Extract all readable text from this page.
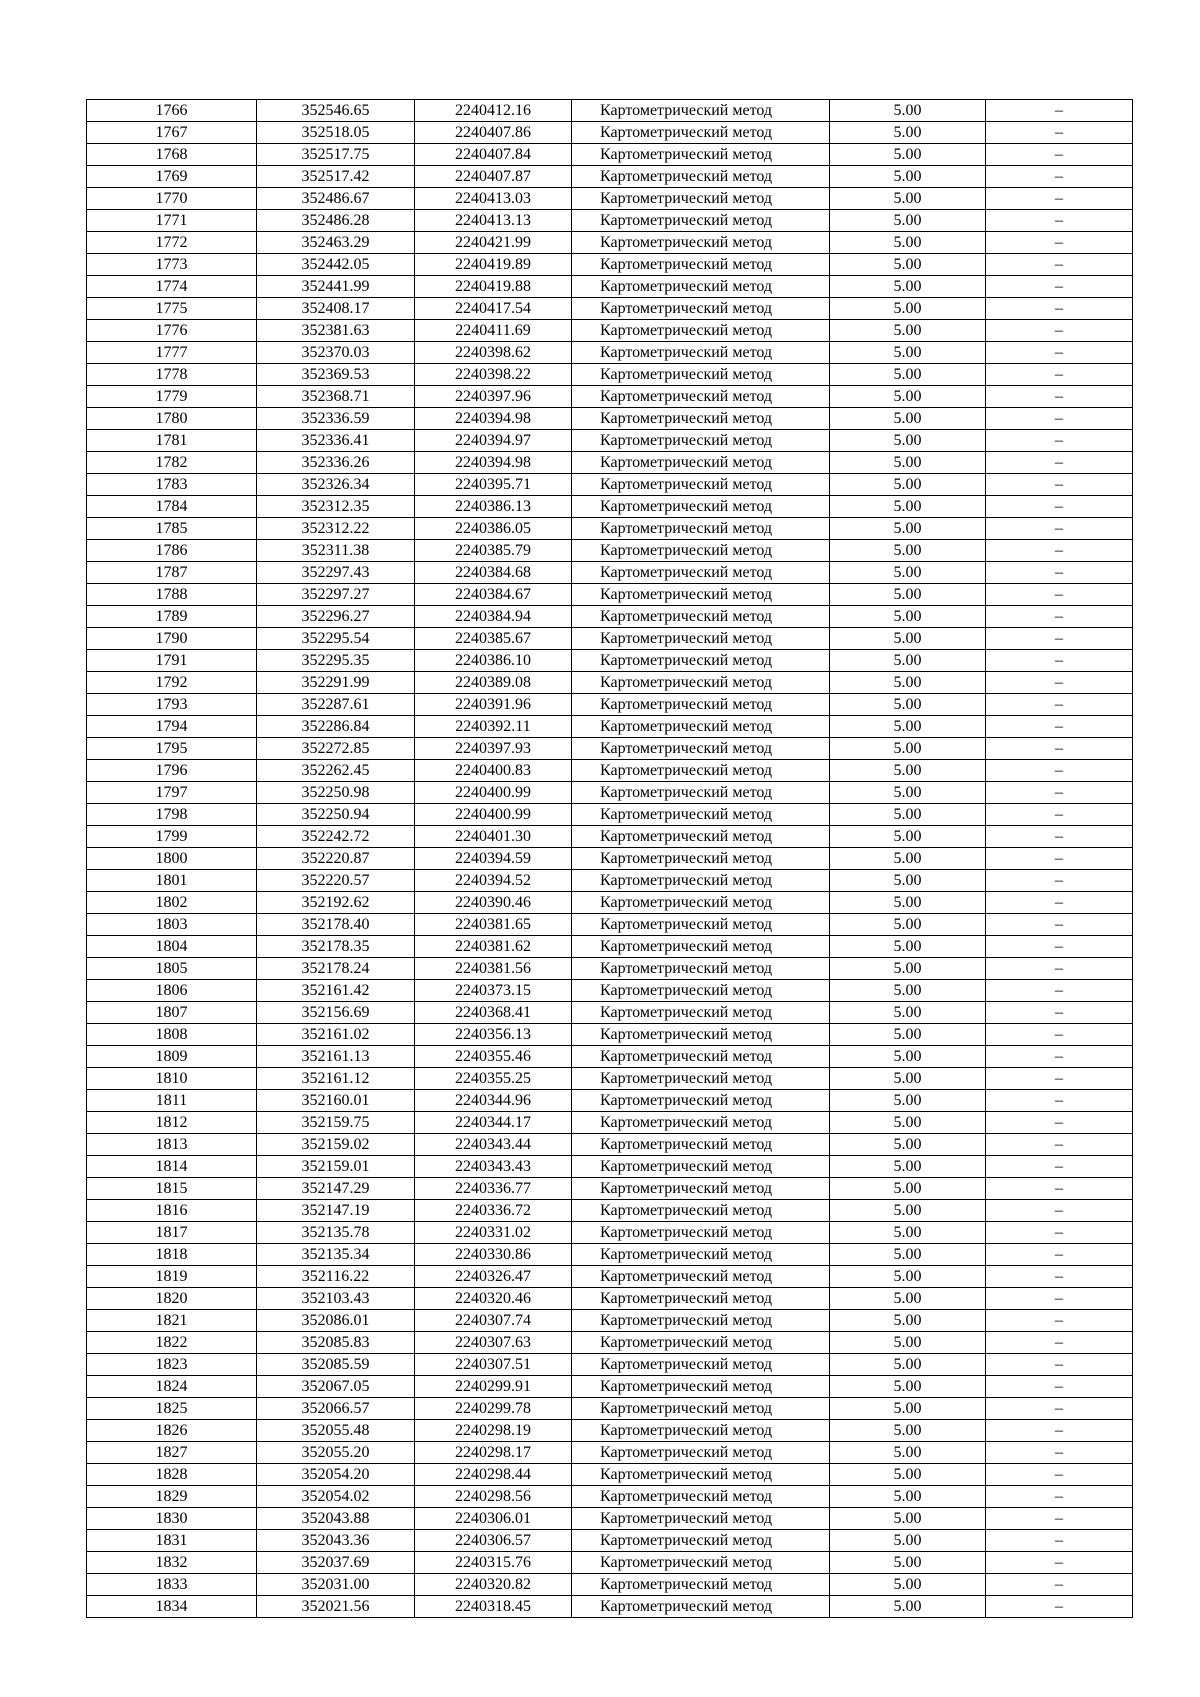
1766	352546.65	2240412.16	Картометрический метод	5.00	–
1767	352518.05	2240407.86	Картометрический метод	5.00	–
1768	352517.75	2240407.84	Картометрический метод	5.00	–
1769	352517.42	2240407.87	Картометрический метод	5.00	–
1770	352486.67	2240413.03	Картометрический метод	5.00	–
1771	352486.28	2240413.13	Картометрический метод	5.00	–
1772	352463.29	2240421.99	Картометрический метод	5.00	–
1773	352442.05	2240419.89	Картометрический метод	5.00	–
1774	352441.99	2240419.88	Картометрический метод	5.00	–
1775	352408.17	2240417.54	Картометрический метод	5.00	–
1776	352381.63	2240411.69	Картометрический метод	5.00	–
1777	352370.03	2240398.62	Картометрический метод	5.00	–
1778	352369.53	2240398.22	Картометрический метод	5.00	–
1779	352368.71	2240397.96	Картометрический метод	5.00	–
1780	352336.59	2240394.98	Картометрический метод	5.00	–
1781	352336.41	2240394.97	Картометрический метод	5.00	–
1782	352336.26	2240394.98	Картометрический метод	5.00	–
1783	352326.34	2240395.71	Картометрический метод	5.00	–
1784	352312.35	2240386.13	Картометрический метод	5.00	–
1785	352312.22	2240386.05	Картометрический метод	5.00	–
1786	352311.38	2240385.79	Картометрический метод	5.00	–
1787	352297.43	2240384.68	Картометрический метод	5.00	–
1788	352297.27	2240384.67	Картометрический метод	5.00	–
1789	352296.27	2240384.94	Картометрический метод	5.00	–
1790	352295.54	2240385.67	Картометрический метод	5.00	–
1791	352295.35	2240386.10	Картометрический метод	5.00	–
1792	352291.99	2240389.08	Картометрический метод	5.00	–
1793	352287.61	2240391.96	Картометрический метод	5.00	–
1794	352286.84	2240392.11	Картометрический метод	5.00	–
1795	352272.85	2240397.93	Картометрический метод	5.00	–
1796	352262.45	2240400.83	Картометрический метод	5.00	–
1797	352250.98	2240400.99	Картометрический метод	5.00	–
1798	352250.94	2240400.99	Картометрический метод	5.00	–
1799	352242.72	2240401.30	Картометрический метод	5.00	–
1800	352220.87	2240394.59	Картометрический метод	5.00	–
1801	352220.57	2240394.52	Картометрический метод	5.00	–
1802	352192.62	2240390.46	Картометрический метод	5.00	–
1803	352178.40	2240381.65	Картометрический метод	5.00	–
1804	352178.35	2240381.62	Картометрический метод	5.00	–
1805	352178.24	2240381.56	Картометрический метод	5.00	–
1806	352161.42	2240373.15	Картометрический метод	5.00	–
1807	352156.69	2240368.41	Картометрический метод	5.00	–
1808	352161.02	2240356.13	Картометрический метод	5.00	–
1809	352161.13	2240355.46	Картометрический метод	5.00	–
1810	352161.12	2240355.25	Картометрический метод	5.00	–
1811	352160.01	2240344.96	Картометрический метод	5.00	–
1812	352159.75	2240344.17	Картометрический метод	5.00	–
1813	352159.02	2240343.44	Картометрический метод	5.00	–
1814	352159.01	2240343.43	Картометрический метод	5.00	–
1815	352147.29	2240336.77	Картометрический метод	5.00	–
1816	352147.19	2240336.72	Картометрический метод	5.00	–
1817	352135.78	2240331.02	Картометрический метод	5.00	–
1818	352135.34	2240330.86	Картометрический метод	5.00	–
1819	352116.22	2240326.47	Картометрический метод	5.00	–
1820	352103.43	2240320.46	Картометрический метод	5.00	–
1821	352086.01	2240307.74	Картометрический метод	5.00	–
1822	352085.83	2240307.63	Картометрический метод	5.00	–
1823	352085.59	2240307.51	Картометрический метод	5.00	–
1824	352067.05	2240299.91	Картометрический метод	5.00	–
1825	352066.57	2240299.78	Картометрический метод	5.00	–
1826	352055.48	2240298.19	Картометрический метод	5.00	–
1827	352055.20	2240298.17	Картометрический метод	5.00	–
1828	352054.20	2240298.44	Картометрический метод	5.00	–
1829	352054.02	2240298.56	Картометрический метод	5.00	–
1830	352043.88	2240306.01	Картометрический метод	5.00	–
1831	352043.36	2240306.57	Картометрический метод	5.00	–
1832	352037.69	2240315.76	Картометрический метод	5.00	–
1833	352031.00	2240320.82	Картометрический метод	5.00	–
1834	352021.56	2240318.45	Картометрический метод	5.00	–
